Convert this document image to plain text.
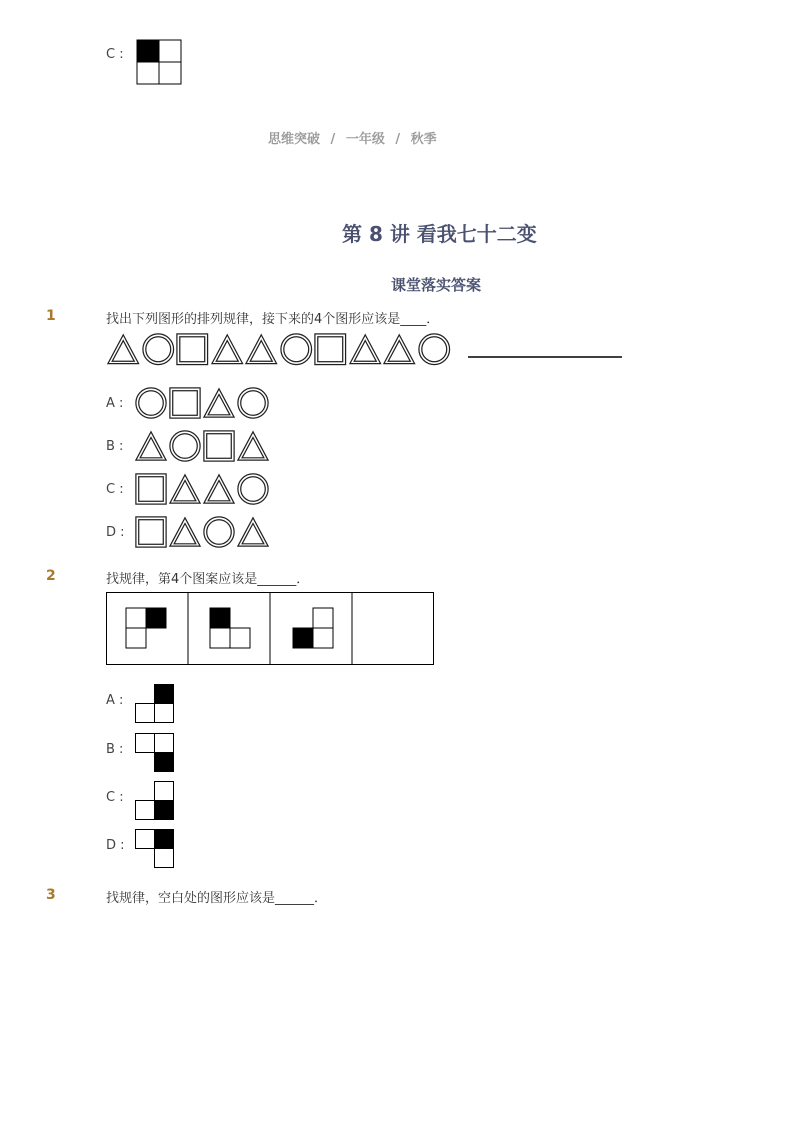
C :
思维突破 / 一年级 / 秋季
第 8 讲 看我七十二变
课堂落实答案
1	找出下列图形的排列规律，接下来的4个图形应该是____．
A :
B :
C :
D :
2	找规律，第4个图案应该是______．
A :
B :
C :
D :
3	找规律，空白处的图形应该是______．
